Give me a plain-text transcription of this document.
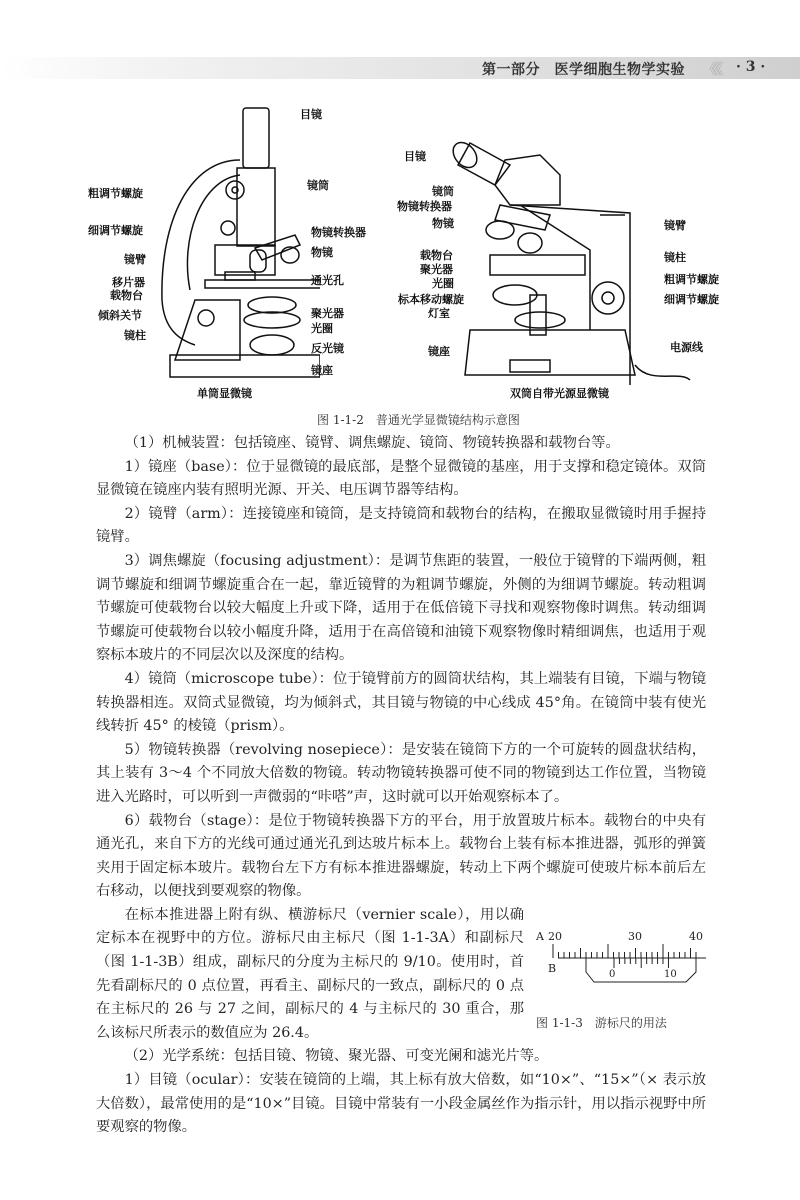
第一部分　医学细胞生物学实验 《《《 · 3 ·
目镜
镜筒
粗调节螺旋
细调节螺旋	物镜转换器
物镜
镜臂
移片器	通光孔
载物台
倾斜关节	聚光器
光圈
镜柱
反光镜
镜座
单筒显微镜
目镜
镜筒
物镜转换器
物镜	镜臂
载物台	镜柱
聚光器
粗调节螺旋
光圈
标本移动螺旋	细调节螺旋
灯室
镜座	电源线
双筒自带光源显微镜
图 1-1-2　普通光学显微镜结构示意图

（1）机械装置：包括镜座、镜臂、调焦螺旋、镜筒、物镜转换器和载物台等。

1）镜座（base）：位于显微镜的最底部，是整个显微镜的基座，用于支撑和稳定镜体。双筒显微镜在镜座内装有照明光源、开关、电压调节器等结构。

2）镜臂（arm）：连接镜座和镜筒，是支持镜筒和载物台的结构，在搬取显微镜时用手握持镜臂。

3）调焦螺旋（focusing adjustment）：是调节焦距的装置，一般位于镜臂的下端两侧，粗调节螺旋和细调节螺旋重合在一起，靠近镜臂的为粗调节螺旋，外侧的为细调节螺旋。转动粗调节螺旋可使载物台以较大幅度上升或下降，适用于在低倍镜下寻找和观察物像时调焦。转动细调节螺旋可使载物台以较小幅度升降，适用于在高倍镜和油镜下观察物像时精细调焦，也适用于观察标本玻片的不同层次以及深度的结构。

4）镜筒（microscope tube）：位于镜臂前方的圆筒状结构，其上端装有目镜，下端与物镜转换器相连。双筒式显微镜，均为倾斜式，其目镜与物镜的中心线成 45°角。在镜筒中装有使光线转折 45° 的棱镜（prism）。

5）物镜转换器（revolving nosepiece）：是安装在镜筒下方的一个可旋转的圆盘状结构，其上装有 3～4 个不同放大倍数的物镜。转动物镜转换器可使不同的物镜到达工作位置，当物镜进入光路时，可以听到一声微弱的“咔嗒”声，这时就可以开始观察标本了。

6）载物台（stage）：是位于物镜转换器下方的平台，用于放置玻片标本。载物台的中央有通光孔，来自下方的光线可通过通光孔到达玻片标本上。载物台上装有标本推进器，弧形的弹簧夹用于固定标本玻片。载物台左下方有标本推进器螺旋，转动上下两个螺旋可使玻片标本前后左右移动，以便找到要观察的物像。

A 20	30	40
B	0	10
图 1-1-3　游标尺的用法

在标本推进器上附有纵、横游标尺（vernier scale），用以确定标本在视野中的方位。游标尺由主标尺（图 1-1-3A）和副标尺（图 1-1-3B）组成，副标尺的分度为主标尺的 9/10。使用时，首先看副标尺的 0 点位置，再看主、副标尺的一致点，副标尺的 0 点在主标尺的 26 与 27 之间，副标尺的 4 与主标尺的 30 重合，那么该标尺所表示的数值应为 26.4。

（2）光学系统：包括目镜、物镜、聚光器、可变光阑和滤光片等。

1）目镜（ocular）：安装在镜筒的上端，其上标有放大倍数，如“10×”、“15×”（× 表示放大倍数），最常使用的是“10×”目镜。目镜中常装有一小段金属丝作为指示针，用以指示视野中所要观察的物像。
